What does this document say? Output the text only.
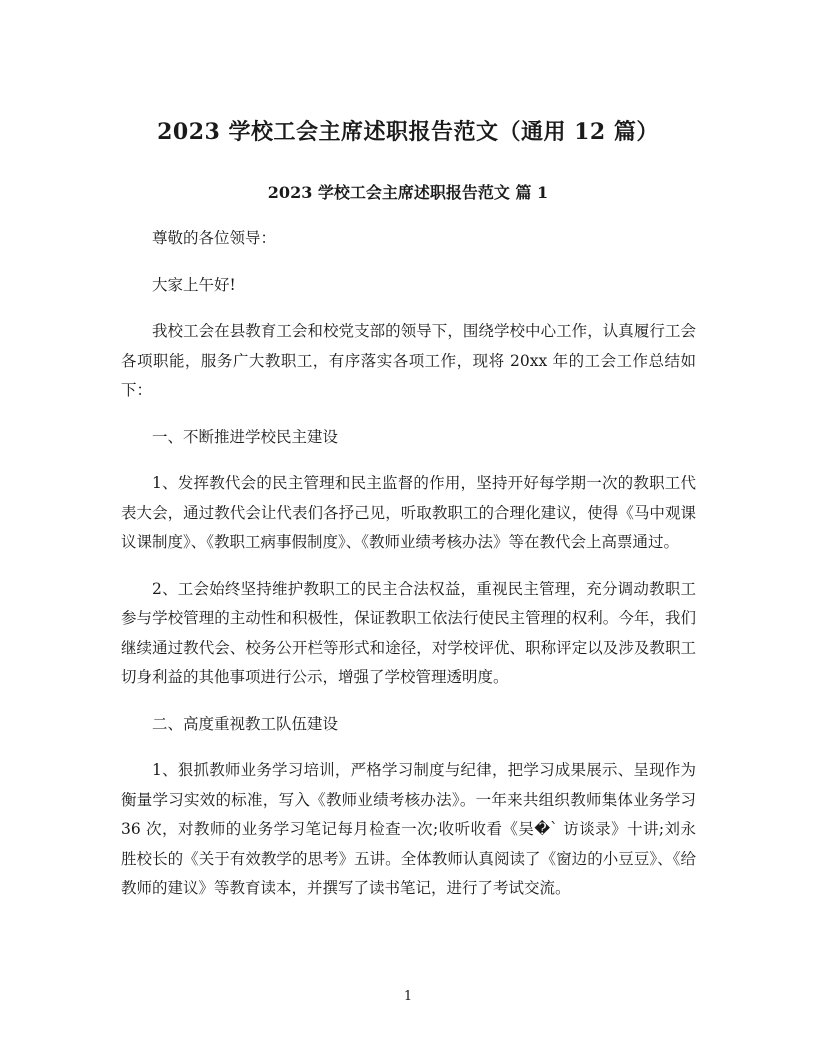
2023 学校工会主席述职报告范文（通用 12 篇）
2023 学校工会主席述职报告范文 篇 1

尊敬的各位领导：

大家上午好!

我校工会在县教育工会和校党支部的领导下，围绕学校中心工作，认真履行工会各项职能，服务广大教职工，有序落实各项工作，现将 20xx 年的工会工作总结如下：

一、不断推进学校民主建设

1、发挥教代会的民主管理和民主监督的作用，坚持开好每学期一次的教职工代表大会，通过教代会让代表们各抒己见，听取教职工的合理化建议，使得《马中观课议课制度》、《教职工病事假制度》、《教师业绩考核办法》等在教代会上高票通过。

2、工会始终坚持维护教职工的民主合法权益，重视民主管理，充分调动教职工参与学校管理的主动性和积极性，保证教职工依法行使民主管理的权利。今年，我们继续通过教代会、校务公开栏等形式和途径，对学校评优、职称评定以及涉及教职工切身利益的其他事项进行公示，增强了学校管理透明度。

二、高度重视教工队伍建设

1、狠抓教师业务学习培训，严格学习制度与纪律，把学习成果展示、呈现作为衡量学习实效的标准，写入《教师业绩考核办法》。一年来共组织教师集体业务学习 36 次，对教师的业务学习笔记每月检查一次;收听收看《吴�` 访谈录》十讲;刘永胜校长的《关于有效教学的思考》五讲。全体教师认真阅读了《窗边的小豆豆》、《给教师的建议》等教育读本，并撰写了读书笔记，进行了考试交流。

1
